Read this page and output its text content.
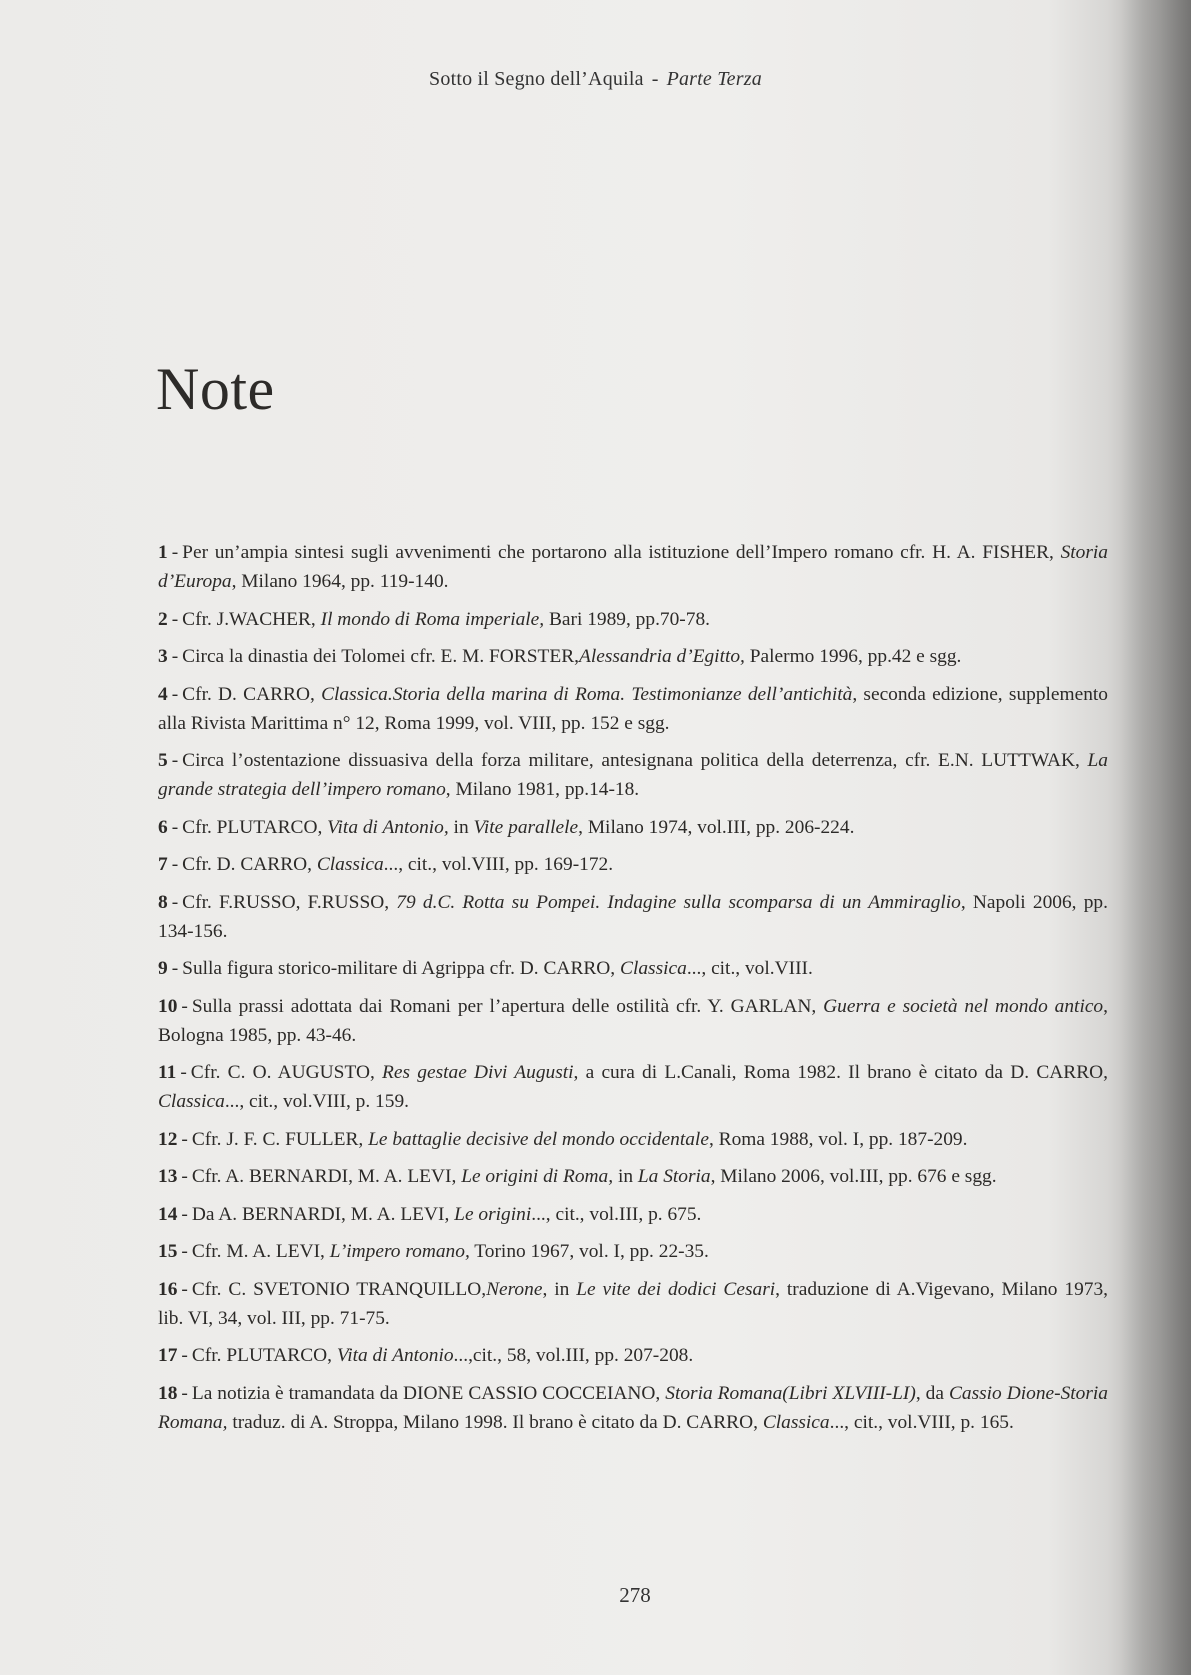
Sotto il Segno dell’Aquila - Parte Terza
Note
1 - Per un’ampia sintesi sugli avvenimenti che portarono alla istituzione dell’Impero romano cfr. H. A. FISHER, Storia d’Europa, Milano 1964, pp. 119-140.
2 - Cfr. J.WACHER, Il mondo di Roma imperiale, Bari 1989, pp.70-78.
3 - Circa la dinastia dei Tolomei cfr. E. M. FORSTER,Alessandria d’Egitto, Palermo 1996, pp.42 e sgg.
4 - Cfr. D. CARRO, Classica.Storia della marina di Roma. Testimonianze dell’antichità, seconda edizione, supplemento alla Rivista Marittima n° 12, Roma 1999, vol. VIII, pp. 152 e sgg.
5 - Circa l’ostentazione dissuasiva della forza militare, antesignana politica della deterrenza, cfr. E.N. LUTTWAK, La grande strategia dell’impero romano, Milano 1981, pp.14-18.
6 - Cfr. PLUTARCO, Vita di Antonio, in Vite parallele, Milano 1974, vol.III, pp. 206-224.
7 - Cfr. D. CARRO, Classica..., cit., vol.VIII, pp. 169-172.
8 - Cfr. F.RUSSO, F.RUSSO, 79 d.C. Rotta su Pompei. Indagine sulla scomparsa di un Ammiraglio, Napoli 2006, pp. 134-156.
9 - Sulla figura storico-militare di Agrippa cfr. D. CARRO, Classica..., cit., vol.VIII.
10 - Sulla prassi adottata dai Romani per l’apertura delle ostilità cfr. Y. GARLAN, Guerra e società nel mondo antico, Bologna 1985, pp. 43-46.
11 - Cfr. C. O. AUGUSTO, Res gestae Divi Augusti, a cura di L.Canali, Roma 1982. Il brano è citato da D. CARRO, Classica..., cit., vol.VIII, p. 159.
12 - Cfr. J. F. C. FULLER, Le battaglie decisive del mondo occidentale, Roma 1988, vol. I, pp. 187-209.
13 - Cfr. A. BERNARDI, M. A. LEVI, Le origini di Roma, in La Storia, Milano 2006, vol.III, pp. 676 e sgg.
14 - Da A. BERNARDI, M. A. LEVI, Le origini..., cit., vol.III, p. 675.
15 - Cfr. M. A. LEVI, L’impero romano, Torino 1967, vol. I, pp. 22-35.
16 - Cfr. C. SVETONIO TRANQUILLO,Nerone, in Le vite dei dodici Cesari, traduzione di A.Vigevano, Milano 1973, lib. VI, 34, vol. III, pp. 71-75.
17 - Cfr. PLUTARCO, Vita di Antonio...,cit., 58, vol.III, pp. 207-208.
18 - La notizia è tramandata da DIONE CASSIO COCCEIANO, Storia Romana(Libri XLVIII-LI), da Cassio Dione-Storia Romana, traduz. di A. Stroppa, Milano 1998. Il brano è citato da D. CARRO, Classica..., cit., vol.VIII, p. 165.
278
